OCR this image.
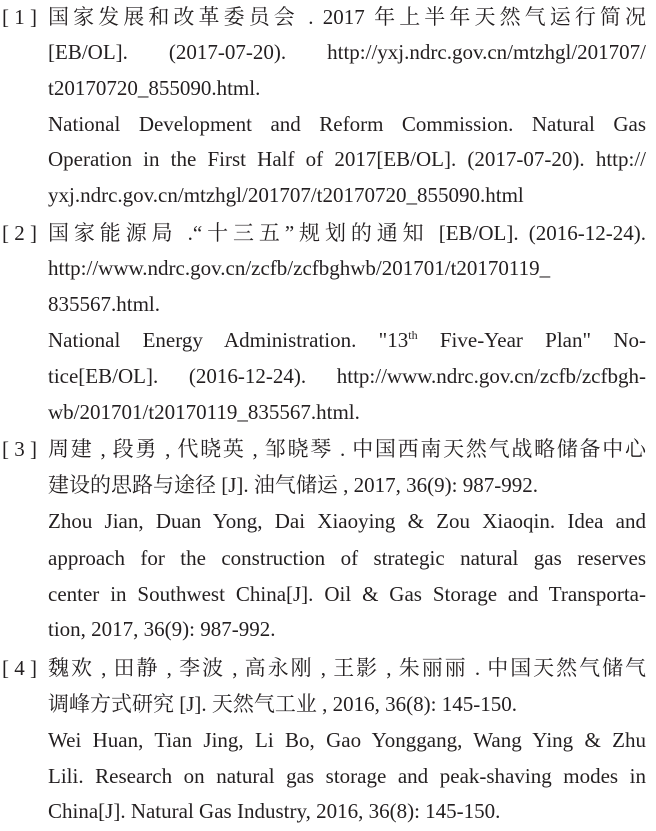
[ 1 ] 国家发展和改革委员会 . 2017 年上半年天然气运行简况
[EB/OL]. (2017-07-20). http://yxj.ndrc.gov.cn/mtzhgl/201707/
t20170720_855090.html.
National Development and Reform Commission. Natural Gas
Operation in the First Half of 2017[EB/OL]. (2017-07-20). http://
yxj.ndrc.gov.cn/mtzhgl/201707/t20170720_855090.html
[ 2 ] 国家能源局 .“十三五”规划的通知 [EB/OL]. (2016-12-24).
http://www.ndrc.gov.cn/zcfb/zcfbghwb/201701/t20170119_
835567.html.
National Energy Administration. "13th Five-Year Plan" No-
tice[EB/OL]. (2016-12-24). http://www.ndrc.gov.cn/zcfb/zcfbgh-
wb/201701/t20170119_835567.html.
[ 3 ] 周建 , 段勇 , 代晓英 , 邹晓琴 . 中国西南天然气战略储备中心
建设的思路与途径 [J]. 油气储运 , 2017, 36(9): 987-992.
Zhou Jian, Duan Yong, Dai Xiaoying & Zou Xiaoqin. Idea and
approach for the construction of strategic natural gas reserves
center in Southwest China[J]. Oil & Gas Storage and Transporta-
tion, 2017, 36(9): 987-992.
[ 4 ] 魏欢 , 田静 , 李波 , 高永刚 , 王影 , 朱丽丽 . 中国天然气储气
调峰方式研究 [J]. 天然气工业 , 2016, 36(8): 145-150.
Wei Huan, Tian Jing, Li Bo, Gao Yonggang, Wang Ying & Zhu
Lili. Research on natural gas storage and peak-shaving modes in
China[J]. Natural Gas Industry, 2016, 36(8): 145-150.
